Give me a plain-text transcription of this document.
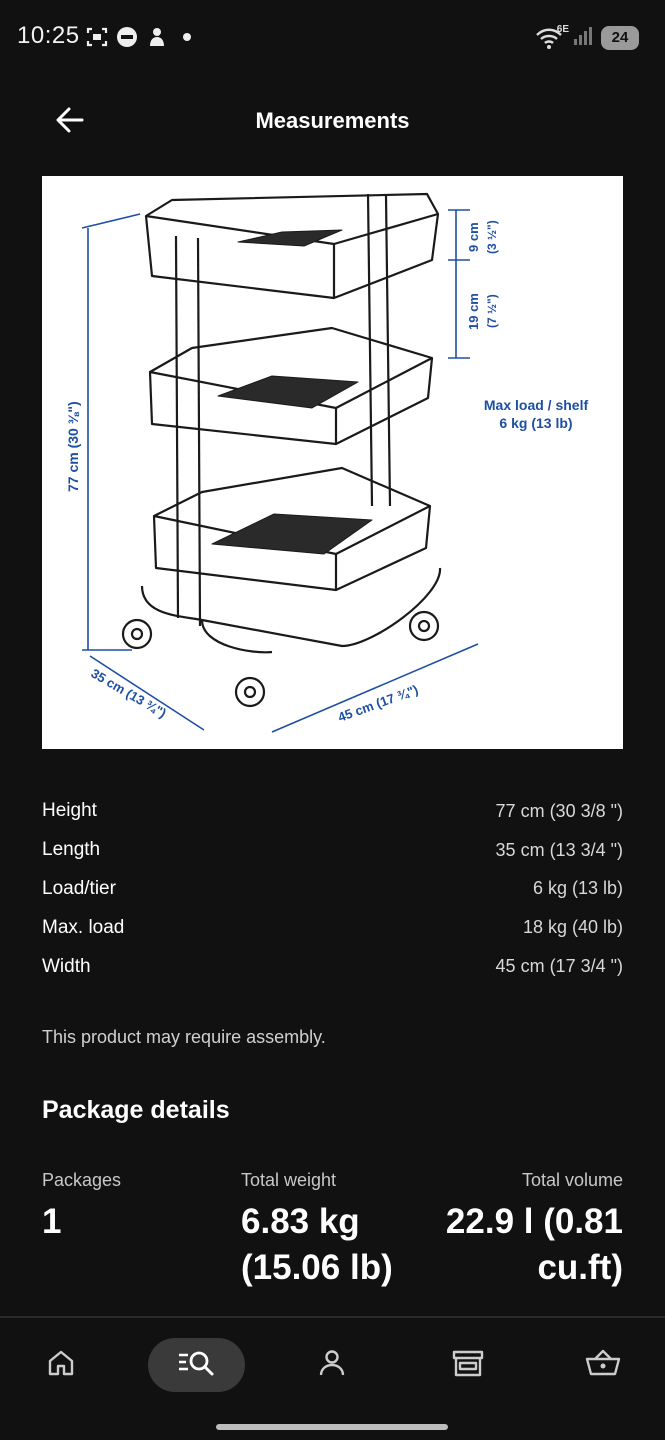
10:25	6E	24
Measurements
77 cm (30 ⅜")
9 cm (3 ½")
19 cm (7 ½")
Max load / shelf
6 kg (13 lb)
35 cm (13 ¾")	45 cm (17 ¾")
Height	77 cm (30 3/8 ")
Length	35 cm (13 3/4 ")
Load/tier	6 kg (13 lb)
Max. load	18 kg (40 lb)
Width	45 cm (17 3/4 ")
This product may require assembly.
Package details
Packages
1
Total weight
6.83 kg
(15.06 lb)
Total volume
22.9 l (0.81
cu.ft)
